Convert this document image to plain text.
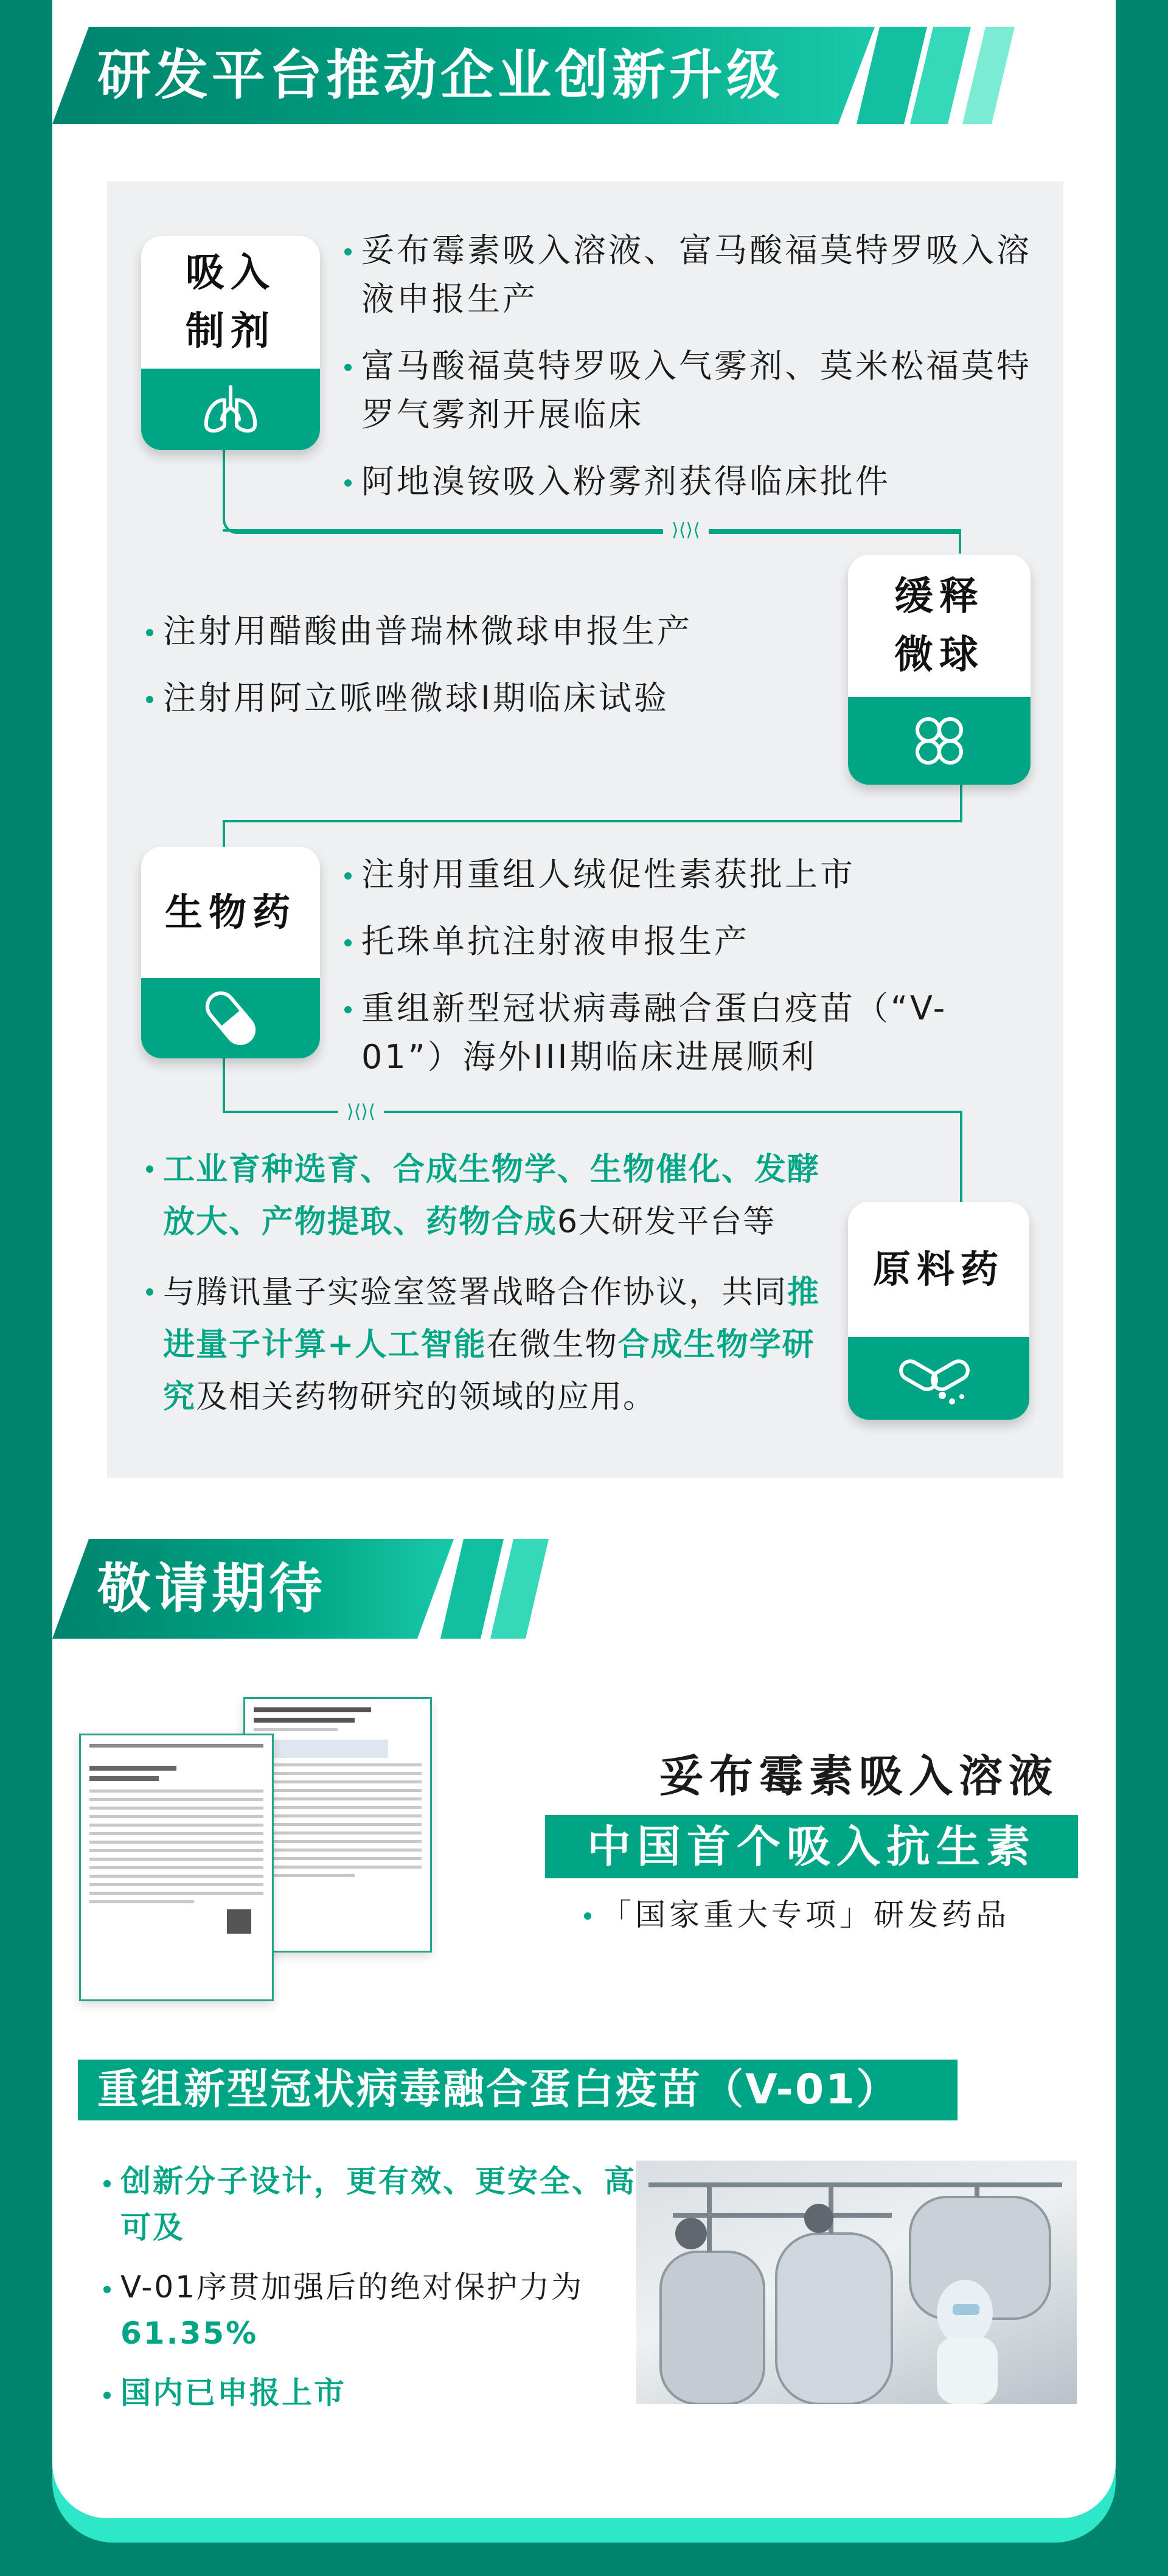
研发平台推动企业创新升级
⟩⟨⟩⟨
⟩⟨⟩⟨
吸入
制剂
妥布霉素吸入溶液、富马酸福莫特罗吸入溶液申报生产
富马酸福莫特罗吸入气雾剂、莫米松福莫特罗气雾剂开展临床
阿地溴铵吸入粉雾剂获得临床批件
缓释
微球
注射用醋酸曲普瑞林微球申报生产
注射用阿立哌唑微球I期临床试验
生物药
注射用重组人绒促性素获批上市
托珠单抗注射液申报生产
重组新型冠状病毒融合蛋白疫苗（“V-01”）海外III期临床进展顺利
原料药
工业育种选育、合成生物学、生物催化、发酵放大、产物提取、药物合成6大研发平台等
与腾讯量子实验室签署战略合作协议，共同推进量子计算+人工智能在微生物合成生物学研究及相关药物研究的领域的应用。
敬请期待
妥布霉素吸入溶液
中国首个吸入抗生素
「国家重大专项」研发药品
重组新型冠状病毒融合蛋白疫苗（V-01）
创新分子设计，更有效、更安全、高可及
V-01序贯加强后的绝对保护力为61.35%
国内已申报上市
